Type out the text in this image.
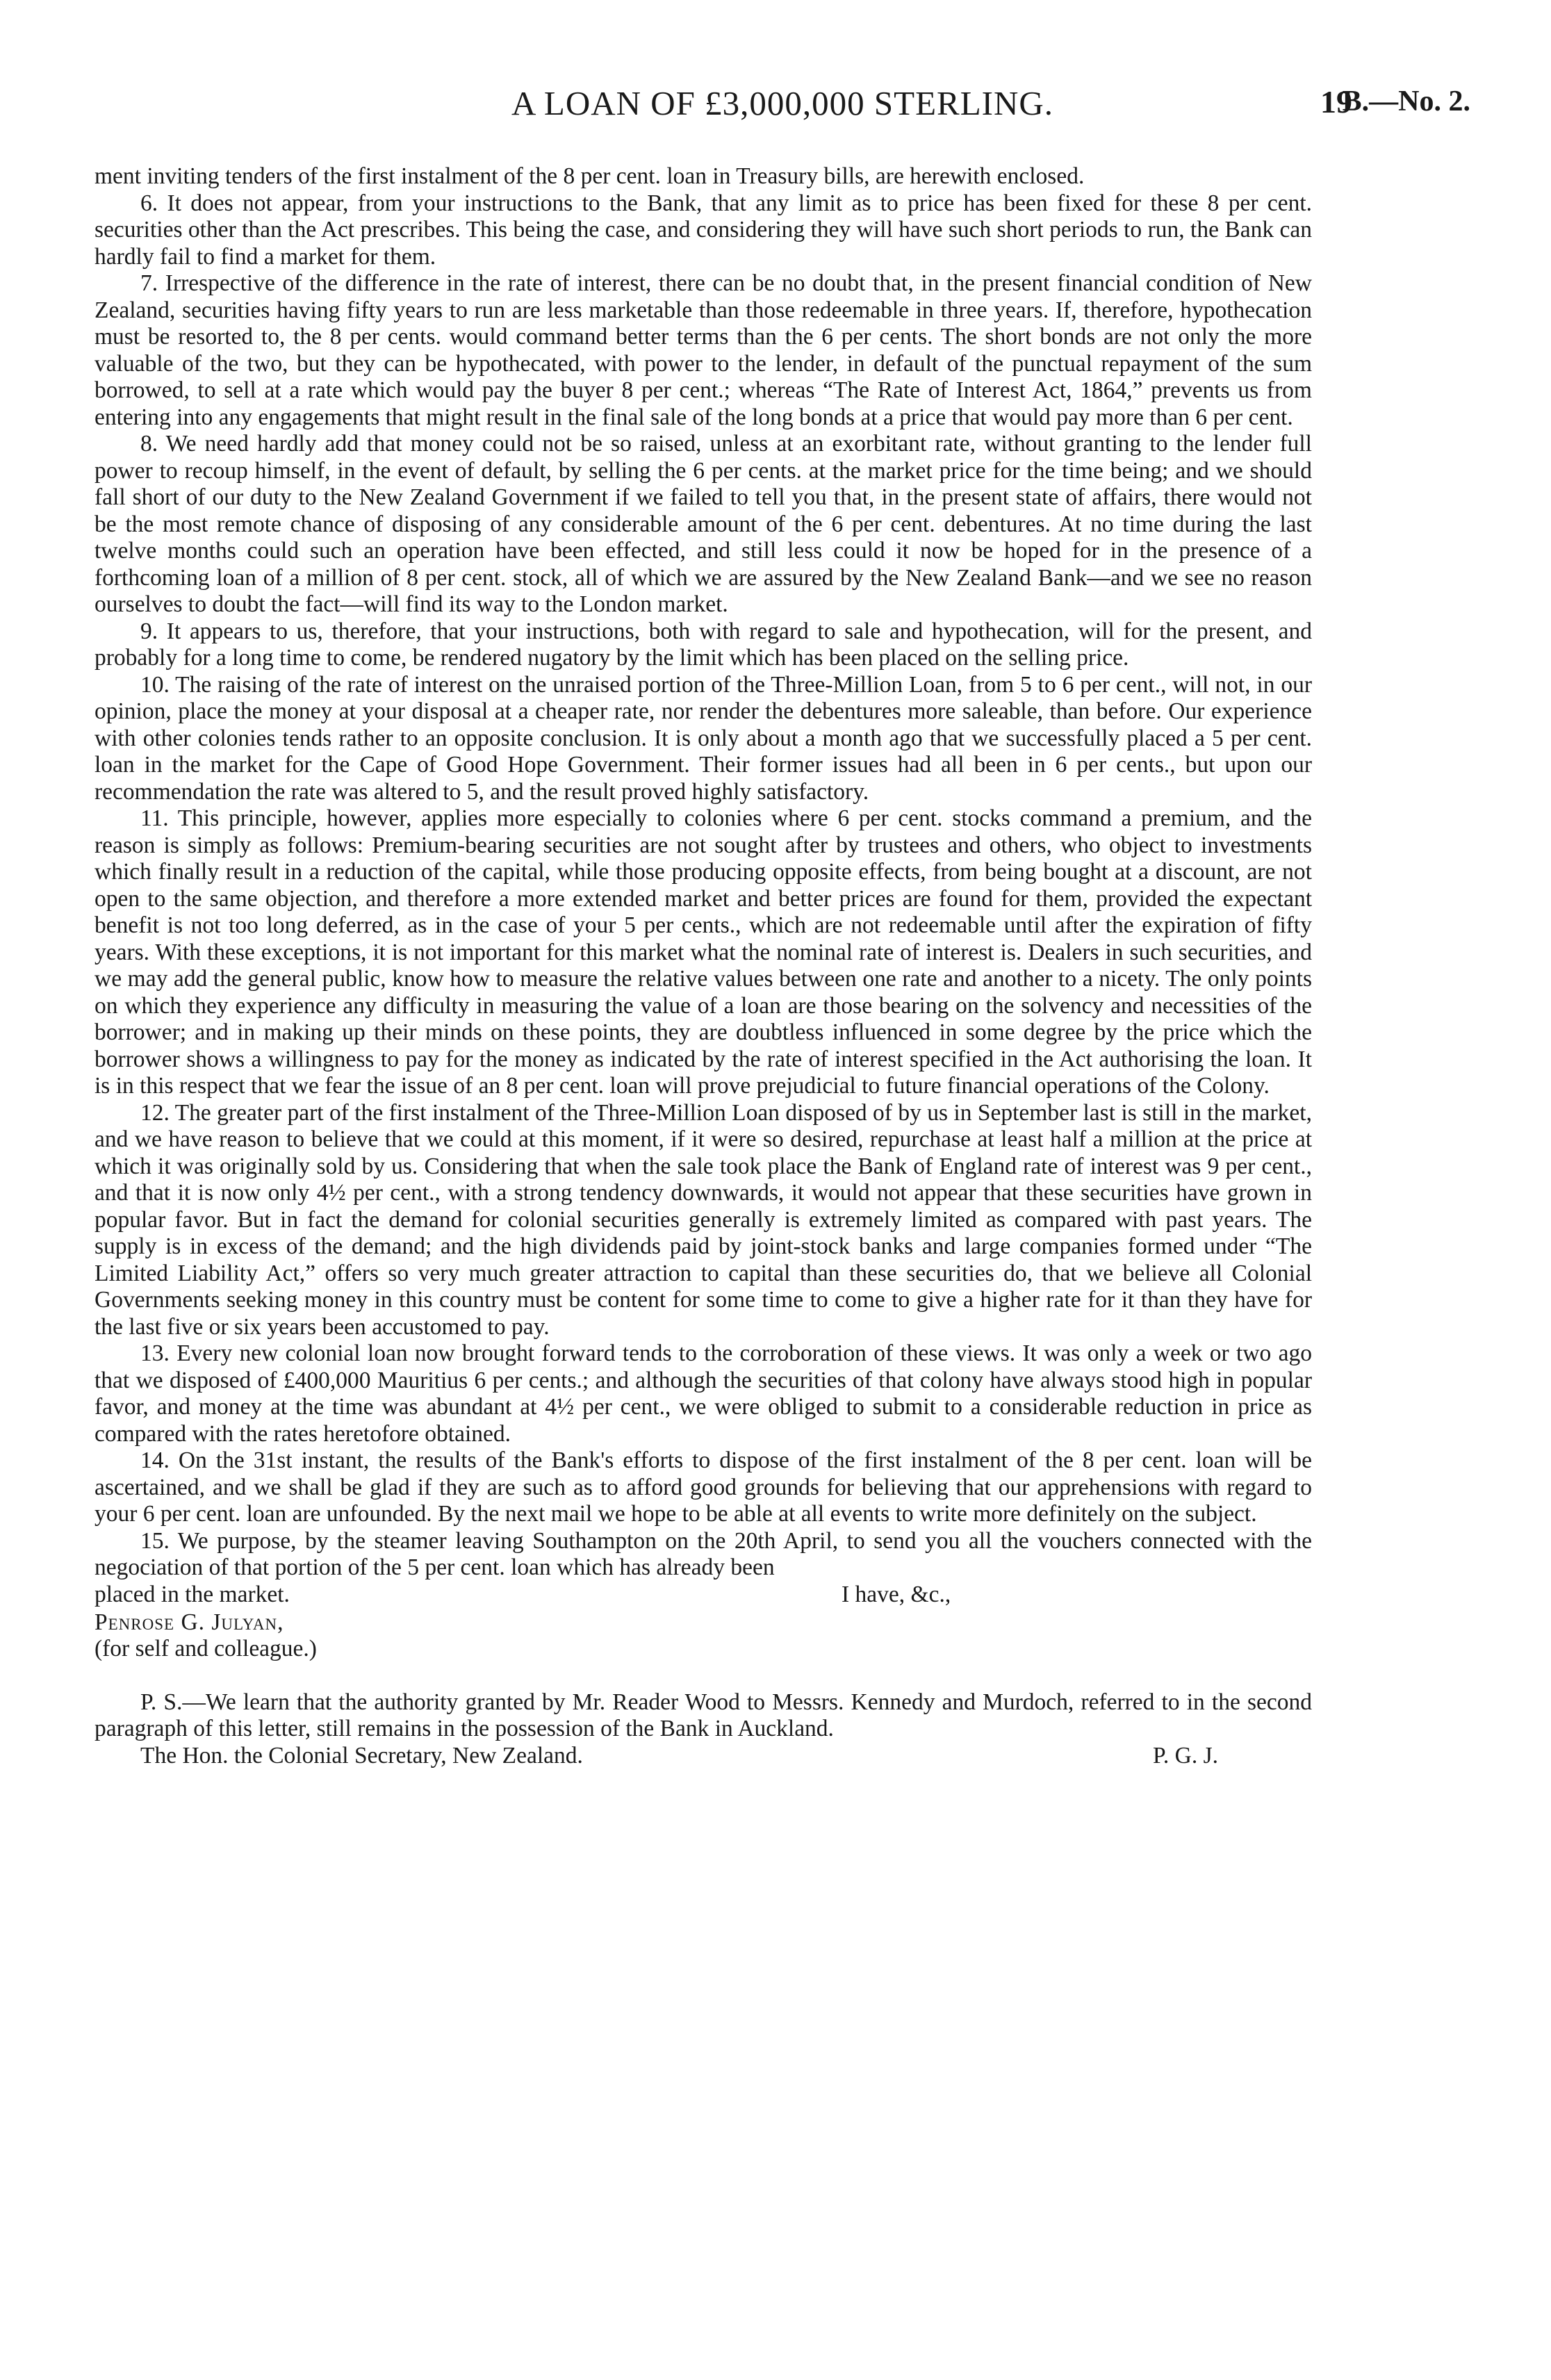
A LOAN OF £3,000,000 STERLING.	19
B.—No. 2.

ment inviting tenders of the first instalment of the 8 per cent. loan in Treasury bills, are herewith enclosed.

6. It does not appear, from your instructions to the Bank, that any limit as to price has been fixed for these 8 per cent. securities other than the Act prescribes. This being the case, and considering they will have such short periods to run, the Bank can hardly fail to find a market for them.

7. Irrespective of the difference in the rate of interest, there can be no doubt that, in the present financial condition of New Zealand, securities having fifty years to run are less marketable than those redeemable in three years. If, therefore, hypothecation must be resorted to, the 8 per cents. would command better terms than the 6 per cents. The short bonds are not only the more valuable of the two, but they can be hypothecated, with power to the lender, in default of the punctual repayment of the sum borrowed, to sell at a rate which would pay the buyer 8 per cent.; whereas “The Rate of Interest Act, 1864,” prevents us from entering into any engagements that might result in the final sale of the long bonds at a price that would pay more than 6 per cent.

8. We need hardly add that money could not be so raised, unless at an exorbitant rate, without granting to the lender full power to recoup himself, in the event of default, by selling the 6 per cents. at the market price for the time being; and we should fall short of our duty to the New Zealand Government if we failed to tell you that, in the present state of affairs, there would not be the most remote chance of disposing of any considerable amount of the 6 per cent. debentures. At no time during the last twelve months could such an operation have been effected, and still less could it now be hoped for in the presence of a forthcoming loan of a million of 8 per cent. stock, all of which we are assured by the New Zealand Bank—and we see no reason ourselves to doubt the fact—will find its way to the London market.

9. It appears to us, therefore, that your instructions, both with regard to sale and hypothecation, will for the present, and probably for a long time to come, be rendered nugatory by the limit which has been placed on the selling price.

10. The raising of the rate of interest on the unraised portion of the Three-Million Loan, from 5 to 6 per cent., will not, in our opinion, place the money at your disposal at a cheaper rate, nor render the debentures more saleable, than before. Our experience with other colonies tends rather to an opposite conclusion. It is only about a month ago that we successfully placed a 5 per cent. loan in the market for the Cape of Good Hope Government. Their former issues had all been in 6 per cents., but upon our recommendation the rate was altered to 5, and the result proved highly satisfactory.

11. This principle, however, applies more especially to colonies where 6 per cent. stocks command a premium, and the reason is simply as follows: Premium-bearing securities are not sought after by trustees and others, who object to investments which finally result in a reduction of the capital, while those producing opposite effects, from being bought at a discount, are not open to the same objection, and therefore a more extended market and better prices are found for them, provided the expectant benefit is not too long deferred, as in the case of your 5 per cents., which are not redeemable until after the expiration of fifty years. With these exceptions, it is not important for this market what the nominal rate of interest is. Dealers in such securities, and we may add the general public, know how to measure the relative values between one rate and another to a nicety. The only points on which they experience any difficulty in measuring the value of a loan are those bearing on the solvency and necessities of the borrower; and in making up their minds on these points, they are doubtless influenced in some degree by the price which the borrower shows a willingness to pay for the money as indicated by the rate of interest specified in the Act authorising the loan. It is in this respect that we fear the issue of an 8 per cent. loan will prove prejudicial to future financial operations of the Colony.

12. The greater part of the first instalment of the Three-Million Loan disposed of by us in September last is still in the market, and we have reason to believe that we could at this moment, if it were so desired, repurchase at least half a million at the price at which it was originally sold by us. Considering that when the sale took place the Bank of England rate of interest was 9 per cent., and that it is now only 4½ per cent., with a strong tendency downwards, it would not appear that these securities have grown in popular favor. But in fact the demand for colonial securities generally is extremely limited as compared with past years. The supply is in excess of the demand; and the high dividends paid by joint-stock banks and large companies formed under “The Limited Liability Act,” offers so very much greater attraction to capital than these securities do, that we believe all Colonial Governments seeking money in this country must be content for some time to come to give a higher rate for it than they have for the last five or six years been accustomed to pay.

13. Every new colonial loan now brought forward tends to the corroboration of these views. It was only a week or two ago that we disposed of £400,000 Mauritius 6 per cents.; and although the securities of that colony have always stood high in popular favor, and money at the time was abundant at 4½ per cent., we were obliged to submit to a considerable reduction in price as compared with the rates heretofore obtained.

14. On the 31st instant, the results of the Bank's efforts to dispose of the first instalment of the 8 per cent. loan will be ascertained, and we shall be glad if they are such as to afford good grounds for believing that our apprehensions with regard to your 6 per cent. loan are unfounded. By the next mail we hope to be able at all events to write more definitely on the subject.

15. We purpose, by the steamer leaving Southampton on the 20th April, to send you all the vouchers connected with the negociation of that portion of the 5 per cent. loan which has already been

placed in the market.	I have, &c.,

Penrose G. Julyan,

(for self and colleague.)

P. S.—We learn that the authority granted by Mr. Reader Wood to Messrs. Kennedy and Murdoch, referred to in the second paragraph of this letter, still remains in the possession of the Bank in Auckland.

The Hon. the Colonial Secretary, New Zealand.	P. G. J.
